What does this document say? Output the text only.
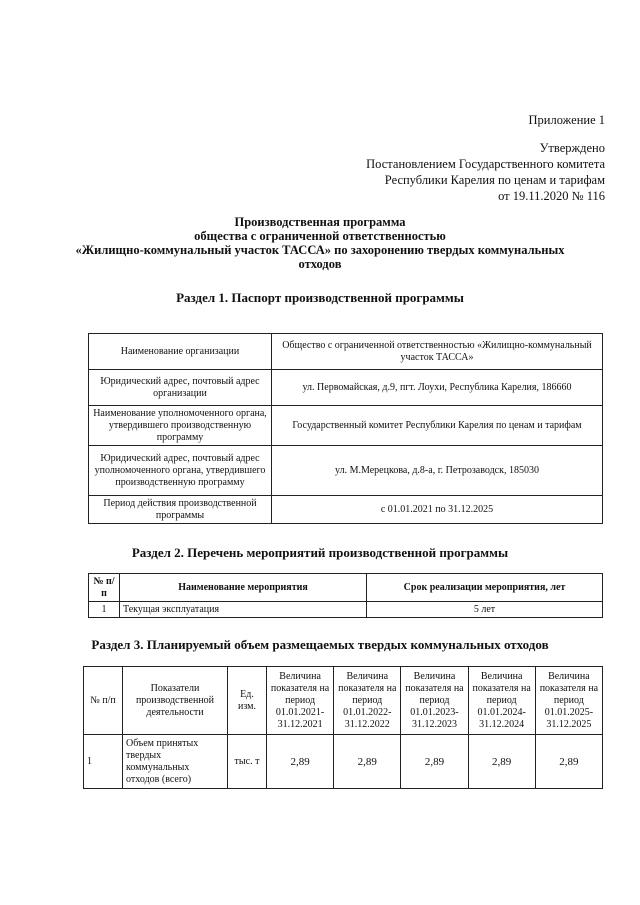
Приложение 1
Утверждено
Постановлением Государственного комитета
Республики Карелия по ценам и тарифам
от 19.11.2020 № 116
Производственная программа
общества с ограниченной ответственностью
«Жилищно-коммунальный участок ТАССА» по захоронению твердых коммунальных
отходов
Раздел 1. Паспорт производственной программы
Наименование организации	Общество с ограниченной ответственностью «Жилищно-коммунальный участок ТАССА»
Юридический адрес, почтовый адрес организации	ул. Первомайская, д.9, пгт. Лоухи, Республика Карелия, 186660
Наименование уполномоченного органа, утвердившего производственную программу	Государственный комитет Республики Карелия по ценам и тарифам
Юридический адрес, почтовый адрес уполномоченного органа, утвердившего производственную программу	ул. М.Мерецкова, д.8-а, г. Петрозаводск, 185030
Период действия производственной программы	с 01.01.2021 по 31.12.2025
Раздел 2. Перечень мероприятий производственной программы
№ п/п	Наименование мероприятия	Срок реализации мероприятия, лет
1	Текущая эксплуатация	5 лет
Раздел 3. Планируемый объем размещаемых твердых коммунальных отходов
№ п/п	Показатели производственной деятельности	Ед. изм.	Величина показателя на период 01.01.2021-31.12.2021	Величина показателя на период 01.01.2022-31.12.2022	Величина показателя на период 01.01.2023-31.12.2023	Величина показателя на период 01.01.2024-31.12.2024	Величина показателя на период 01.01.2025-31.12.2025
1	Объем принятых твердых коммунальных отходов (всего)	тыс. т	2,89	2,89	2,89	2,89	2,89
